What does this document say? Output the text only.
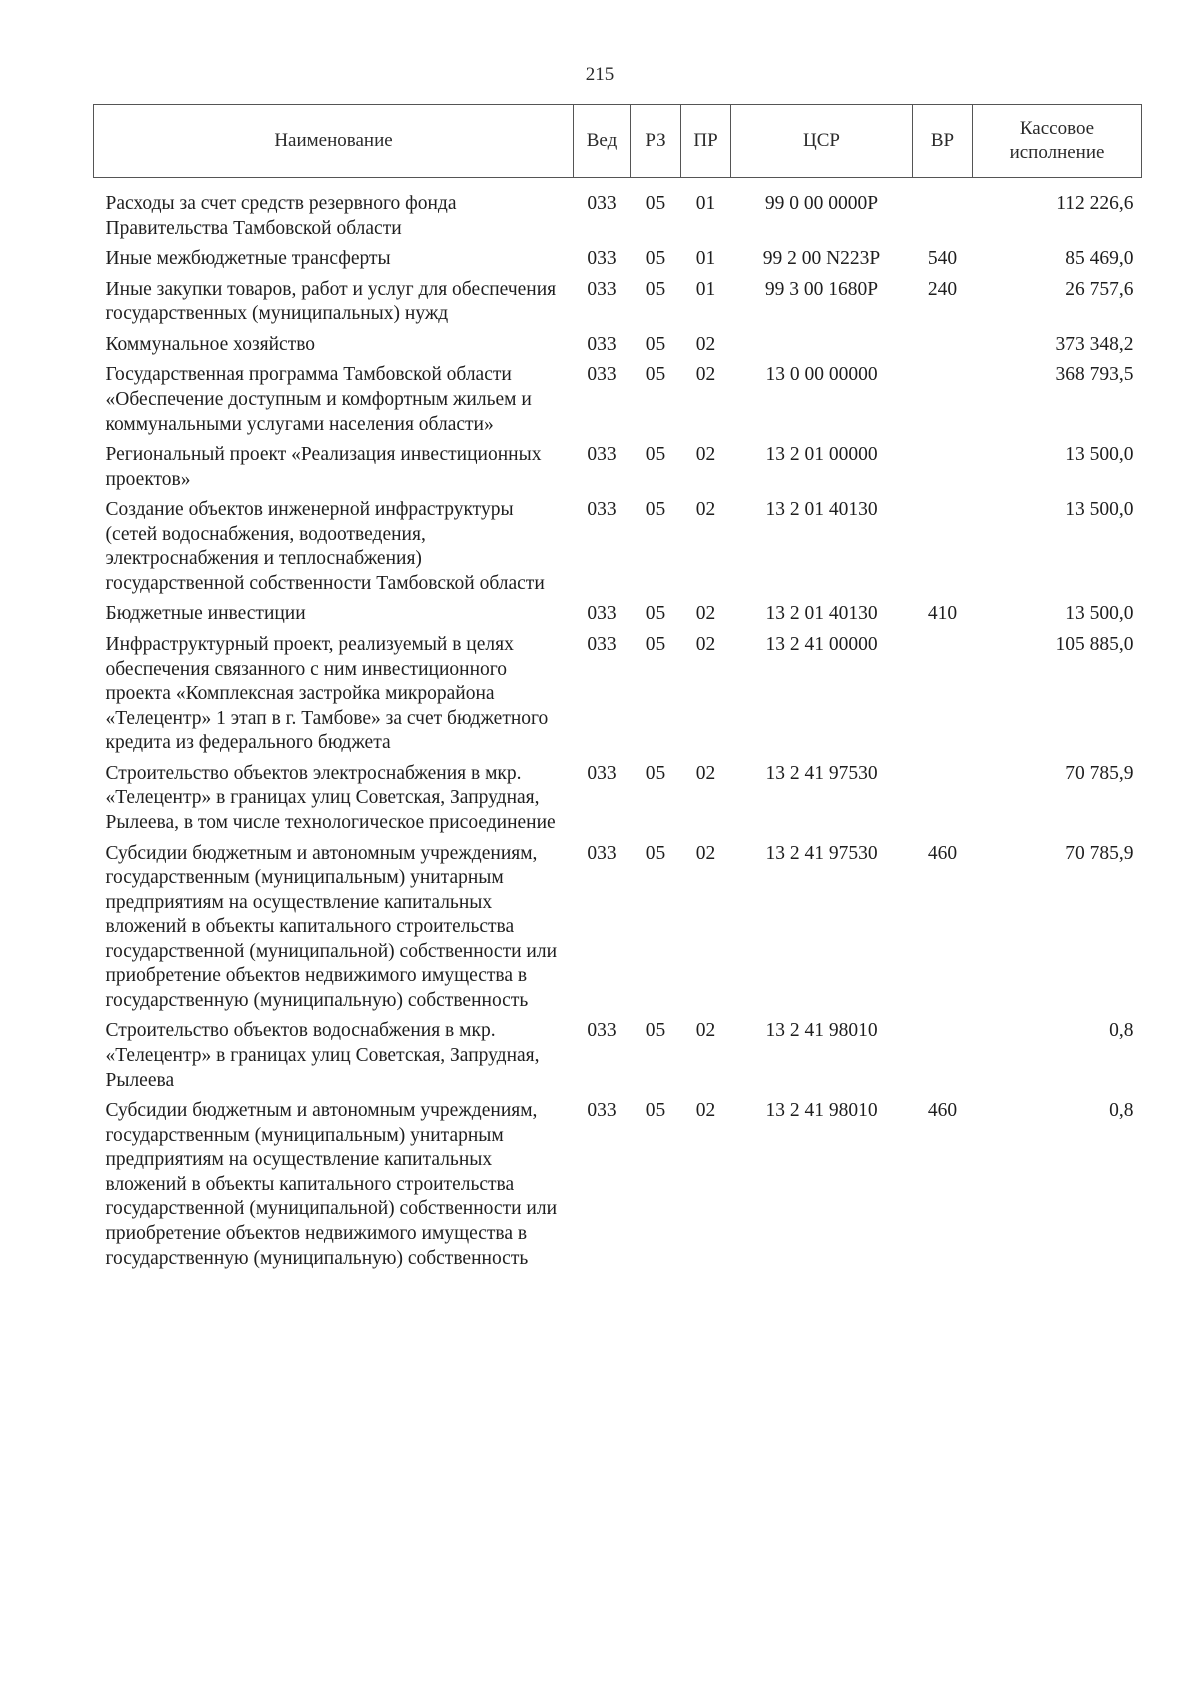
215
Наименование	Вед	РЗ	ПР	ЦСР	ВР	Кассовое исполнение
Расходы за счет средств резервного фонда Правительства Тамбовской области	033	05	01	99 0 00 0000Р		112 226,6
Иные межбюджетные трансферты	033	05	01	99 2 00 N223Р	540	85 469,0
Иные закупки товаров, работ и услуг для обеспечения государственных (муниципальных) нужд	033	05	01	99 3 00 1680Р	240	26 757,6
Коммунальное хозяйство	033	05	02			373 348,2
Государственная программа Тамбовской области «Обеспечение доступным и комфортным жильем и коммунальными услугами населения области»	033	05	02	13 0 00 00000		368 793,5
Региональный проект «Реализация инвестиционных проектов»	033	05	02	13 2 01 00000		13 500,0
Создание объектов инженерной инфраструктуры (сетей водоснабжения, водоотведения, электроснабжения и теплоснабжения) государственной собственности Тамбовской области	033	05	02	13 2 01 40130		13 500,0
Бюджетные инвестиции	033	05	02	13 2 01 40130	410	13 500,0
Инфраструктурный проект, реализуемый в целях обеспечения связанного с ним инвестиционного проекта «Комплексная застройка микрорайона «Телецентр» 1 этап в г. Тамбове» за счет бюджетного кредита из федерального бюджета	033	05	02	13 2 41 00000		105 885,0
Строительство объектов электроснабжения в мкр. «Телецентр» в границах улиц Советская, Запрудная, Рылеева, в том числе технологическое присоединение	033	05	02	13 2 41 97530		70 785,9
Субсидии бюджетным и автономным учреждениям, государственным (муниципальным) унитарным предприятиям на осуществление капитальных вложений в объекты капитального строительства государственной (муниципальной) собственности или приобретение объектов недвижимого имущества в государственную (муниципальную) собственность	033	05	02	13 2 41 97530	460	70 785,9
Строительство объектов водоснабжения в мкр. «Телецентр» в границах улиц Советская, Запрудная, Рылеева	033	05	02	13 2 41 98010		0,8
Субсидии бюджетным и автономным учреждениям, государственным (муниципальным) унитарным предприятиям на осуществление капитальных вложений в объекты капитального строительства государственной (муниципальной) собственности или приобретение объектов недвижимого имущества в государственную (муниципальную) собственность	033	05	02	13 2 41 98010	460	0,8
